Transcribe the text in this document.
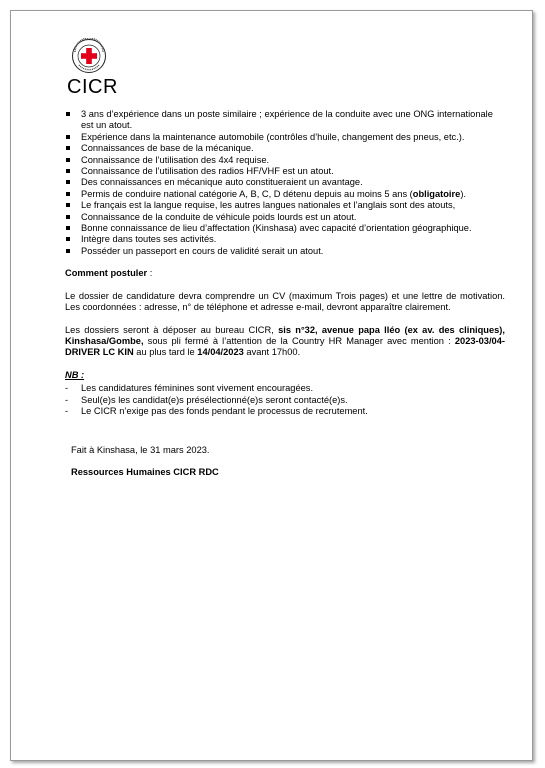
CICR
3 ans d’expérience dans un poste similaire ; expérience de la conduite avec une ONG internationale est un atout.
Expérience dans la maintenance automobile (contrôles d’huile, changement des pneus, etc.).
Connaissances de base de la mécanique.
Connaissance de l’utilisation des 4x4 requise.
Connaissance de l’utilisation des radios HF/VHF est un atout.
Des connaissances en mécanique auto constitueraient un avantage.
Permis de conduire national catégorie A, B, C, D détenu depuis au moins 5 ans (obligatoire).
Le français est la langue requise, les autres langues nationales et l’anglais sont des atouts,
Connaissance de la conduite de véhicule poids lourds est un atout.
Bonne connaissance de lieu d’affectation (Kinshasa) avec capacité d’orientation géographique.
Intègre dans toutes ses activités.
Posséder un passeport en cours de validité serait un atout.
Comment postuler :
Le dossier de candidature devra comprendre un CV (maximum Trois pages) et une lettre de motivation. Les coordonnées : adresse, n° de téléphone et adresse e-mail, devront apparaître clairement.
Les dossiers seront à déposer au bureau CICR, sis n°32, avenue papa lléo (ex av. des cliniques), Kinshasa/Gombe, sous pli fermé à l’attention de la Country HR Manager avec mention : 2023-03/04-DRIVER LC KIN au plus tard le 14/04/2023 avant 17h00.
NB :
- Les candidatures féminines sont vivement encouragées.
- Seul(e)s les candidat(e)s présélectionné(e)s seront contacté(e)s.
- Le CICR n’exige pas des fonds pendant le processus de recrutement.
Fait à Kinshasa, le 31 mars 2023.
Ressources Humaines CICR RDC
